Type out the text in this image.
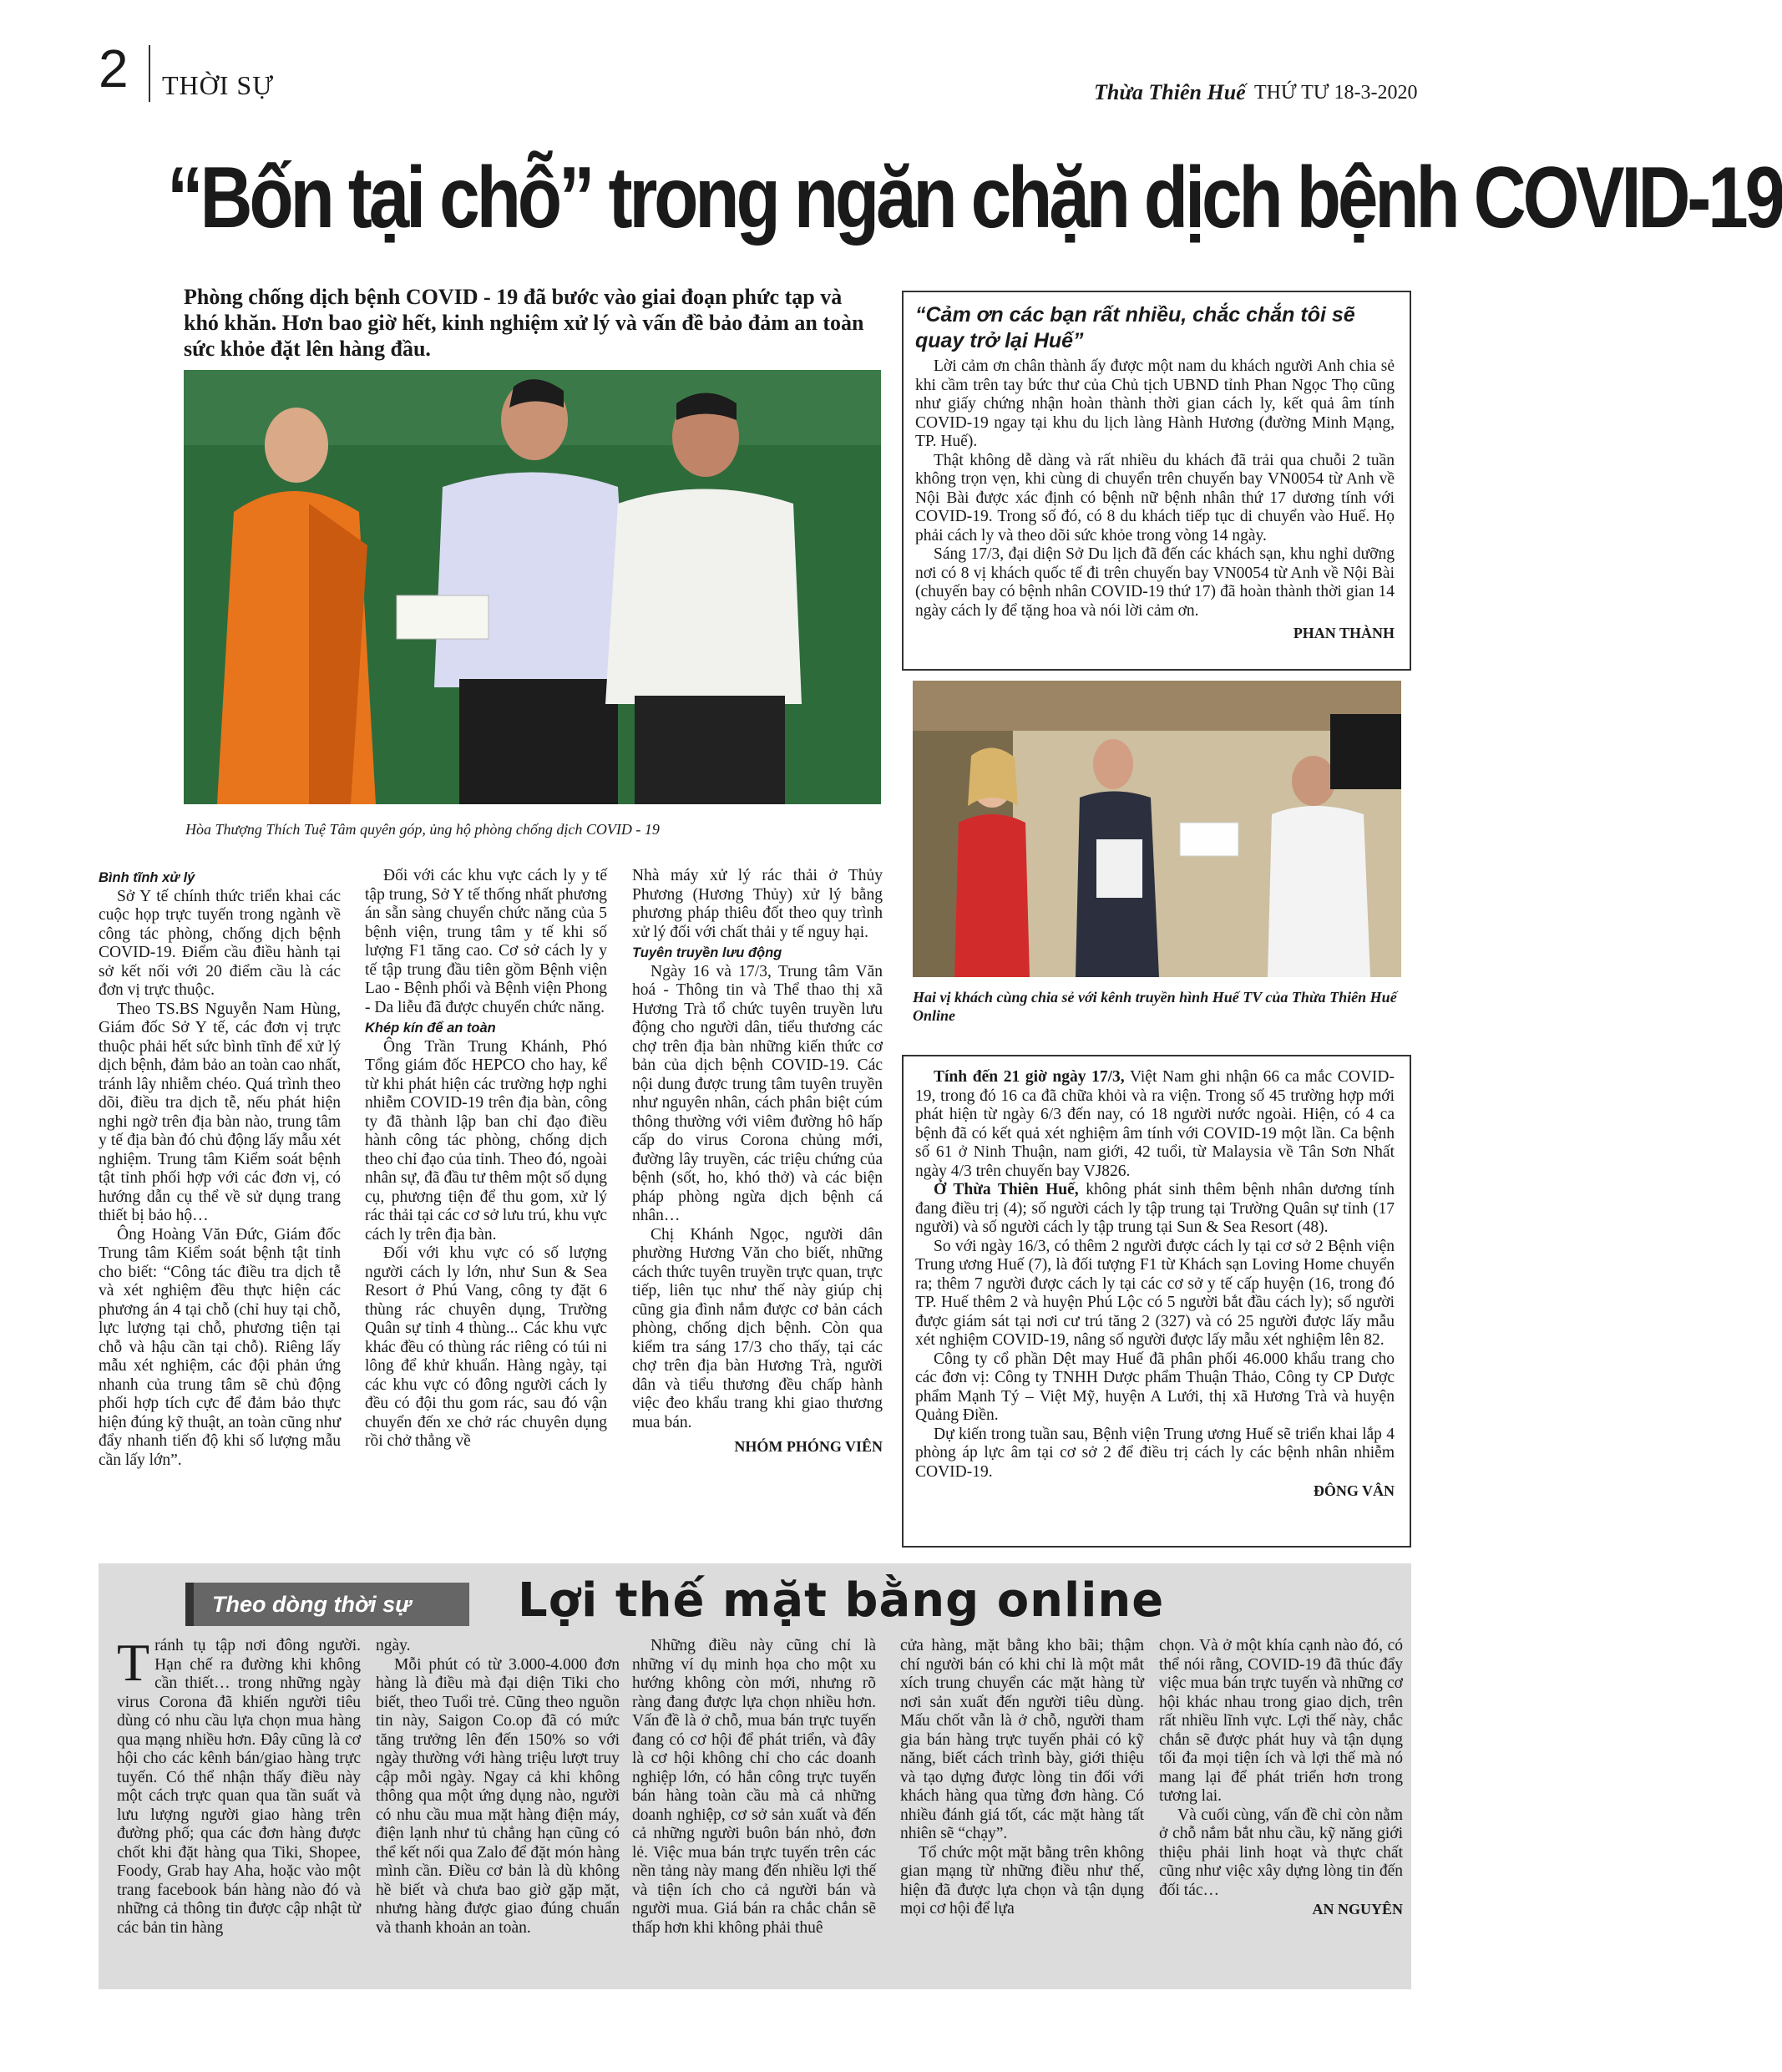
2 THỜI SỰ	Thừa Thiên Huế THỨ TƯ 18-3-2020
“Bốn tại chỗ” trong ngăn chặn dịch bệnh COVID-19
Phòng chống dịch bệnh COVID - 19 đã bước vào giai đoạn phức tạp và khó khăn. Hơn bao giờ hết, kinh nghiệm xử lý và vấn đề bảo đảm an toàn sức khỏe đặt lên hàng đầu.
Hòa Thượng Thích Tuệ Tâm quyên góp, ủng hộ phòng chống dịch COVID - 19

Bình tĩnh xử lý

Sở Y tế chính thức triển khai các cuộc họp trực tuyến trong ngành về công tác phòng, chống dịch bệnh COVID-19. Điểm cầu điều hành tại sở kết nối với 20 điểm cầu là các đơn vị trực thuộc.

Theo TS.BS Nguyễn Nam Hùng, Giám đốc Sở Y tế, các đơn vị trực thuộc phải hết sức bình tĩnh để xử lý dịch bệnh, đảm bảo an toàn cao nhất, tránh lây nhiễm chéo. Quá trình theo dõi, điều tra dịch tễ, nếu phát hiện nghi ngờ trên địa bàn nào, trung tâm y tế địa bàn đó chủ động lấy mẫu xét nghiệm. Trung tâm Kiểm soát bệnh tật tỉnh phối hợp với các đơn vị, có hướng dẫn cụ thể về sử dụng trang thiết bị bảo hộ…

Ông Hoàng Văn Đức, Giám đốc Trung tâm Kiểm soát bệnh tật tỉnh cho biết: “Công tác điều tra dịch tễ và xét nghiệm đều thực hiện các phương án 4 tại chỗ (chỉ huy tại chỗ, lực lượng tại chỗ, phương tiện tại chỗ và hậu cần tại chỗ). Riêng lấy mẫu xét nghiệm, các đội phản ứng nhanh của trung tâm sẽ chủ động phối hợp tích cực để đảm bảo thực hiện đúng kỹ thuật, an toàn cũng như đẩy nhanh tiến độ khi số lượng mẫu cần lấy lớn”.

Đối với các khu vực cách ly y tế tập trung, Sở Y tế thống nhất phương án sẵn sàng chuyển chức năng của 5 bệnh viện, trung tâm y tế khi số lượng F1 tăng cao. Cơ sở cách ly y tế tập trung đầu tiên gồm Bệnh viện Lao - Bệnh phổi và Bệnh viện Phong - Da liễu đã được chuyển chức năng.

Khép kín để an toàn

Ông Trần Trung Khánh, Phó Tổng giám đốc HEPCO cho hay, kể từ khi phát hiện các trường hợp nghi nhiễm COVID-19 trên địa bàn, công ty đã thành lập ban chỉ đạo điều hành công tác phòng, chống dịch theo chỉ đạo của tỉnh. Theo đó, ngoài nhân sự, đã đầu tư thêm một số dụng cụ, phương tiện để thu gom, xử lý rác thải tại các cơ sở lưu trú, khu vực cách ly trên địa bàn.

Đối với khu vực có số lượng người cách ly lớn, như Sun & Sea Resort ở Phú Vang, công ty đặt 6 thùng rác chuyên dụng, Trường Quân sự tỉnh 4 thùng... Các khu vực khác đều có thùng rác riêng có túi ni lông để khử khuẩn. Hàng ngày, tại các khu vực có đông người cách ly đều có đội thu gom rác, sau đó vận chuyển đến xe chở rác chuyên dụng rồi chở thẳng về

Nhà máy xử lý rác thải ở Thủy Phương (Hương Thủy) xử lý bằng phương pháp thiêu đốt theo quy trình xử lý đối với chất thải y tế nguy hại.

Tuyên truyền lưu động

Ngày 16 và 17/3, Trung tâm Văn hoá - Thông tin và Thể thao thị xã Hương Trà tổ chức tuyên truyền lưu động cho người dân, tiểu thương các chợ trên địa bàn những kiến thức cơ bản của dịch bệnh COVID-19. Các nội dung được trung tâm tuyên truyền như nguyên nhân, cách phân biệt cúm thông thường với viêm đường hô hấp cấp do virus Corona chủng mới, đường lây truyền, các triệu chứng của bệnh (sốt, ho, khó thở) và các biện pháp phòng ngừa dịch bệnh cá nhân…

Chị Khánh Ngọc, người dân phường Hương Văn cho biết, những cách thức tuyên truyền trực quan, trực tiếp, liên tục như thế này giúp chị cũng gia đình nắm được cơ bản cách phòng, chống dịch bệnh. Còn qua kiểm tra sáng 17/3 cho thấy, tại các chợ trên địa bàn Hương Trà, người dân và tiểu thương đều chấp hành việc đeo khẩu trang khi giao thương mua bán.

NHÓM PHÓNG VIÊN

“Cảm ơn các bạn rất nhiều, chắc chắn tôi sẽ quay trở lại Huế”

Lời cảm ơn chân thành ấy được một nam du khách người Anh chia sẻ khi cầm trên tay bức thư của Chủ tịch UBND tỉnh Phan Ngọc Thọ cũng như giấy chứng nhận hoàn thành thời gian cách ly, kết quả âm tính COVID-19 ngay tại khu du lịch làng Hành Hương (đường Minh Mạng, TP. Huế).

Thật không dễ dàng và rất nhiều du khách đã trải qua chuỗi 2 tuần không trọn vẹn, khi cùng di chuyển trên chuyến bay VN0054 từ Anh về Nội Bài được xác định có bệnh nữ bệnh nhân thứ 17 dương tính với COVID-19. Trong số đó, có 8 du khách tiếp tục di chuyển vào Huế. Họ phải cách ly và theo dõi sức khỏe trong vòng 14 ngày.

Sáng 17/3, đại diện Sở Du lịch đã đến các khách sạn, khu nghỉ dưỡng nơi có 8 vị khách quốc tế đi trên chuyến bay VN0054 từ Anh về Nội Bài (chuyến bay có bệnh nhân COVID-19 thứ 17) đã hoàn thành thời gian 14 ngày cách ly để tặng hoa và nói lời cảm ơn.

PHAN THÀNH

Hai vị khách cùng chia sẻ với kênh truyền hình Huế TV của Thừa Thiên Huế Online

Tính đến 21 giờ ngày 17/3, Việt Nam ghi nhận 66 ca mắc COVID-19, trong đó 16 ca đã chữa khỏi và ra viện. Trong số 45 trường hợp mới phát hiện từ ngày 6/3 đến nay, có 18 người nước ngoài. Hiện, có 4 ca bệnh đã có kết quả xét nghiệm âm tính với COVID-19 một lần. Ca bệnh số 61 ở Ninh Thuận, nam giới, 42 tuổi, từ Malaysia về Tân Sơn Nhất ngày 4/3 trên chuyến bay VJ826.

Ở Thừa Thiên Huế, không phát sinh thêm bệnh nhân dương tính đang điều trị (4); số người cách ly tập trung tại Trường Quân sự tỉnh (17 người) và số người cách ly tập trung tại Sun & Sea Resort (48).

So với ngày 16/3, có thêm 2 người được cách ly tại cơ sở 2 Bệnh viện Trung ương Huế (7), là đối tượng F1 từ Khách sạn Loving Home chuyển ra; thêm 7 người được cách ly tại các cơ sở y tế cấp huyện (16, trong đó TP. Huế thêm 2 và huyện Phú Lộc có 5 người bắt đầu cách ly); số người được giám sát tại nơi cư trú tăng 2 (327) và có 25 người được lấy mẫu xét nghiệm COVID-19, nâng số người được lấy mẫu xét nghiệm lên 82.

Công ty cổ phần Dệt may Huế đã phân phối 46.000 khẩu trang cho các đơn vị: Công ty TNHH Dược phẩm Thuận Thảo, Công ty CP Dược phẩm Mạnh Tý – Việt Mỹ, huyện A Lưới, thị xã Hương Trà và huyện Quảng Điền.

Dự kiến trong tuần sau, Bệnh viện Trung ương Huế sẽ triển khai lắp 4 phòng áp lực âm tại cơ sở 2 để điều trị cách ly các bệnh nhân nhiễm COVID-19.

ĐÔNG VÂN

Theo dòng thời sự	Lợi thế mặt bằng online

Tránh tụ tập nơi đông người. Hạn chế ra đường khi không cần thiết… trong những ngày virus Corona đã khiến người tiêu dùng có nhu cầu lựa chọn mua hàng qua mạng nhiều hơn. Đây cũng là cơ hội cho các kênh bán/giao hàng trực tuyến. Có thể nhận thấy điều này một cách trực quan qua tần suất và lưu lượng người giao hàng trên đường phố; qua các đơn hàng được chốt khi đặt hàng qua Tiki, Shopee, Foody, Grab hay Aha, hoặc vào một trang facebook bán hàng nào đó và những cả thông tin được cập nhật từ các bản tin hàng

ngày.

Mỗi phút có từ 3.000-4.000 đơn hàng là điều mà đại diện Tiki cho biết, theo Tuổi trẻ. Cũng theo nguồn tin này, Saigon Co.op đã có mức tăng trưởng lên đến 150% so với ngày thường với hàng triệu lượt truy cập mỗi ngày. Ngay cả khi không thông qua một ứng dụng nào, người có nhu cầu mua mặt hàng điện máy, điện lạnh như tủ chẳng hạn cũng có thể kết nối qua Zalo để đặt món hàng mình cần. Điều cơ bản là dù không hề biết và chưa bao giờ gặp mặt, nhưng hàng được giao đúng chuẩn và thanh khoản an toàn.

Những điều này cũng chỉ là những ví dụ minh họa cho một xu hướng không còn mới, nhưng rõ ràng đang được lựa chọn nhiều hơn. Vấn đề là ở chỗ, mua bán trực tuyến đang có cơ hội để phát triển, và đây là cơ hội không chỉ cho các doanh nghiệp lớn, có hẳn công trực tuyến bán hàng toàn cầu mà cả những doanh nghiệp, cơ sở sản xuất và đến cả những người buôn bán nhỏ, đơn lẻ. Việc mua bán trực tuyến trên các nền tảng này mang đến nhiều lợi thế và tiện ích cho cả người bán và người mua. Giá bán ra chắc chắn sẽ thấp hơn khi không phải thuê

cửa hàng, mặt bằng kho bãi; thậm chí người bán có khi chỉ là một mắt xích trung chuyển các mặt hàng từ nơi sản xuất đến người tiêu dùng. Mấu chốt vẫn là ở chỗ, người tham gia bán hàng trực tuyến phải có kỹ năng, biết cách trình bày, giới thiệu và tạo dựng được lòng tin đối với khách hàng qua từng đơn hàng. Có nhiều đánh giá tốt, các mặt hàng tất nhiên sẽ “chạy”.

Tổ chức một mặt bằng trên không gian mạng từ những điều như thế, hiện đã được lựa chọn và tận dụng mọi cơ hội để lựa

chọn. Và ở một khía cạnh nào đó, có thể nói rằng, COVID-19 đã thúc đẩy việc mua bán trực tuyến và những cơ hội khác nhau trong giao dịch, trên rất nhiều lĩnh vực. Lợi thế này, chắc chắn sẽ được phát huy và tận dụng tối đa mọi tiện ích và lợi thế mà nó mang lại để phát triển hơn trong tương lai.

Và cuối cùng, vấn đề chỉ còn nằm ở chỗ nắm bắt nhu cầu, kỹ năng giới thiệu phải linh hoạt và thực chất cũng như việc xây dựng lòng tin đến đối tác…

AN NGUYÊN
